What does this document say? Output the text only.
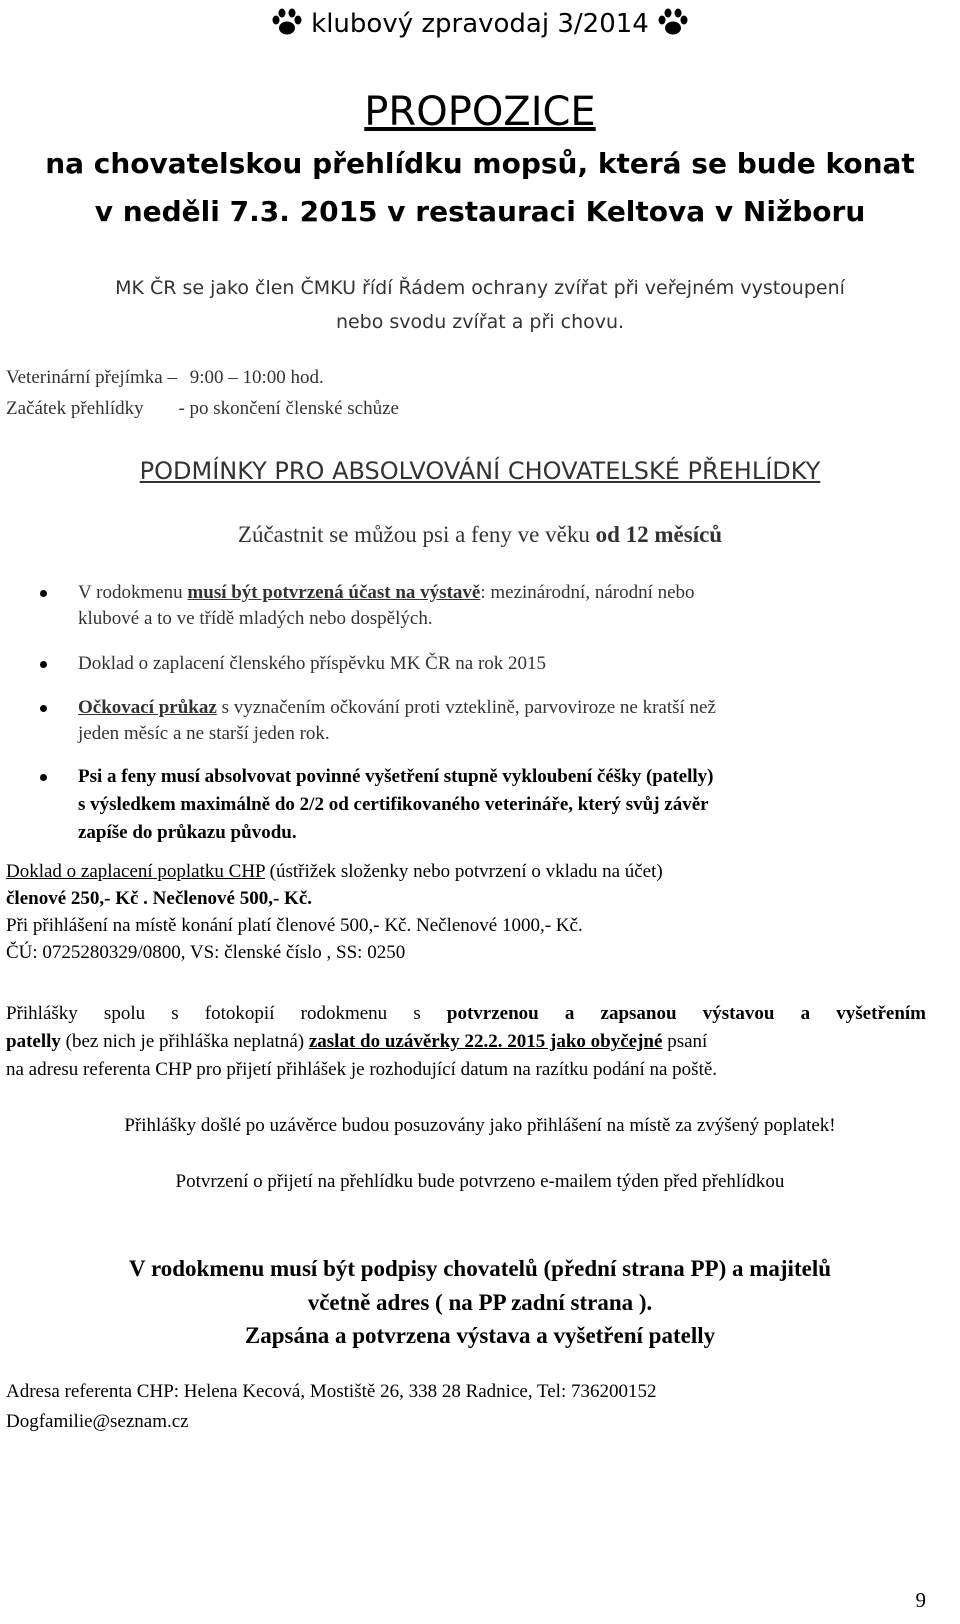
klubový zpravodaj 3/2014
PROPOZICE
na chovatelskou přehlídku mopsů, která se bude konat
v neděli 7.3. 2015 v restauraci Keltova v Nižboru
MK ČR se jako člen ČMKU řídí Řádem ochrany zvířat při veřejném vystoupení
nebo svodu zvířat a při chovu.
Veterinární přejímka – 9:00 – 10:00 hod.
Začátek přehlídky - po skončení členské schůze
PODMÍNKY PRO ABSOLVOVÁNÍ CHOVATELSKÉ PŘEHLÍDKY
Zúčastnit se můžou psi a feny ve věku od 12 měsíců

V rodokmenu musí být potvrzená účast na výstavě: mezinárodní, národní nebo

klubové a to ve třídě mladých nebo dospělých.

Doklad o zaplacení členského příspěvku MK ČR na rok 2015

Očkovací průkaz s vyznačením očkování proti vzteklině, parvoviroze ne kratší než

jeden měsíc a ne starší jeden rok.

Psi a feny musí absolvovat povinné vyšetření stupně vykloubení čéšky (patelly)

s výsledkem maximálně do 2/2 od certifikovaného veterináře, který svůj závěr

zapíše do průkazu původu.

Doklad o zaplacení poplatku CHP (ústřižek složenky nebo potvrzení o vkladu na účet)

členové 250,- Kč . Nečlenové 500,- Kč.

Při přihlášení na místě konání platí členové 500,- Kč. Nečlenové 1000,- Kč.

ČÚ: 0725280329/0800, VS: členské číslo , SS: 0250

Přihlášky spolu s fotokopií rodokmenu s potvrzenou a zapsanou výstavou a vyšetřením

patelly (bez nich je přihláška neplatná) zaslat do uzávěrky 22.2. 2015 jako obyčejné psaní

na adresu referenta CHP pro přijetí přihlášek je rozhodující datum na razítku podání na poště.

Přihlášky došlé po uzávěrce budou posuzovány jako přihlášení na místě za zvýšený poplatek!
Potvrzení o přijetí na přehlídku bude potvrzeno e-mailem týden před přehlídkou
V rodokmenu musí být podpisy chovatelů (přední strana PP) a majitelů
včetně adres ( na PP zadní strana ).
Zapsána a potvrzena výstava a vyšetření patelly
Adresa referenta CHP: Helena Kecová, Mostiště 26, 338 28 Radnice, Tel: 736200152
Dogfamilie@seznam.cz
9
